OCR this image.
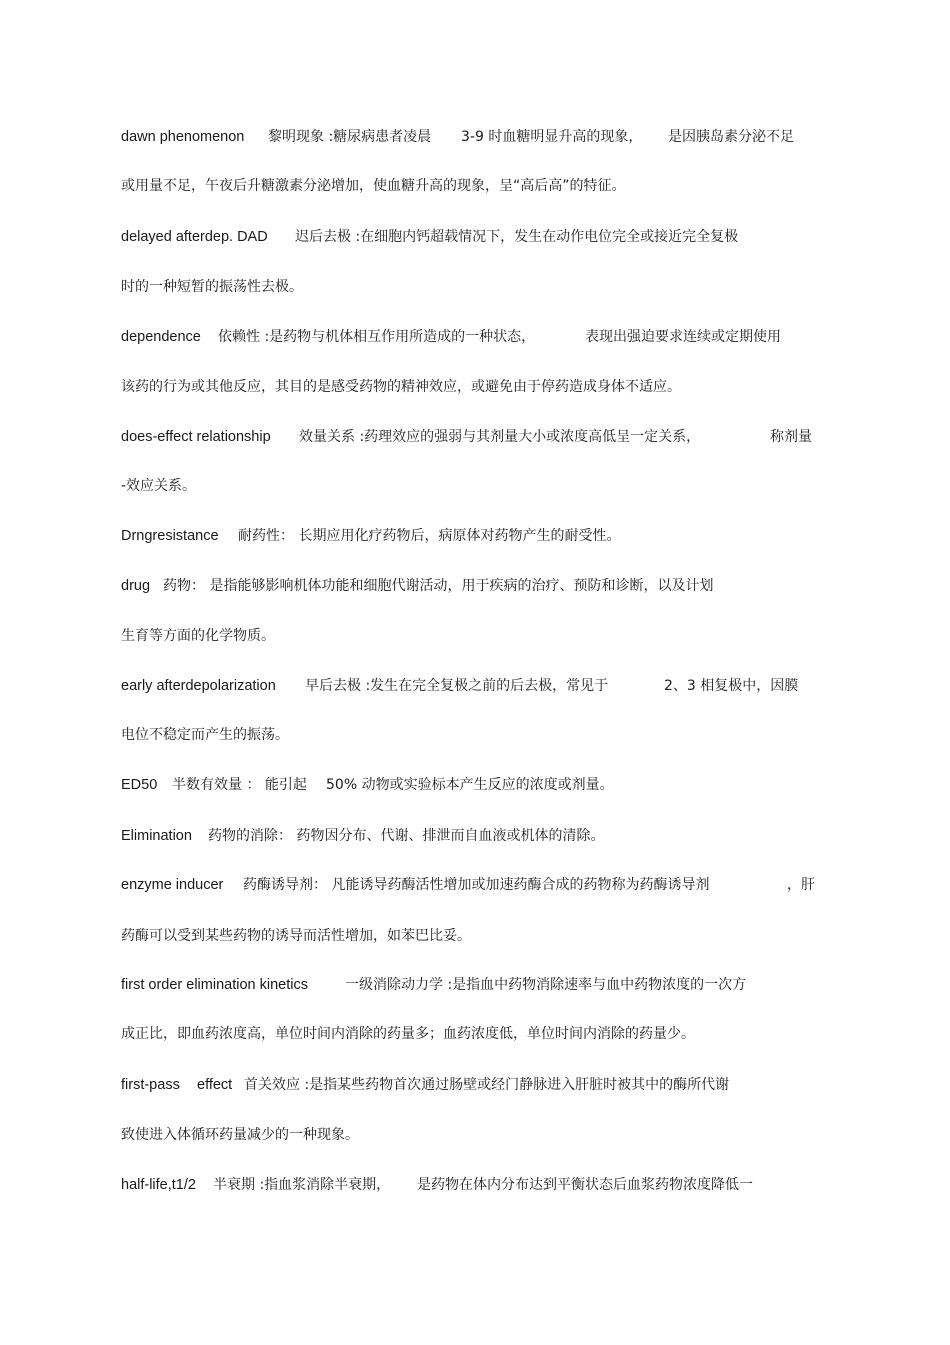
dawn phenomenon 黎明现象 :糖尿病患者凌晨 3-9 时血糖明显升高的现象， 是因胰岛素分泌不足
或用量不足，午夜后升糖激素分泌增加，使血糖升高的现象，呈“高后高”的特征。
delayed afterdep. DAD 迟后去极 :在细胞内钙超载情况下，发生在动作电位完全或接近完全复极
时的一种短暂的振荡性去极。
dependence 依赖性 :是药物与机体相互作用所造成的一种状态，	表现出强迫要求连续或定期使用
该药的行为或其他反应，其目的是感受药物的精神效应，或避免由于停药造成身体不适应。
does-effect relationship 效量关系 :药理效应的强弱与其剂量大小或浓度高低呈一定关系，	称剂量
-效应关系。
Drngresistance 耐药性： 长期应用化疗药物后，病原体对药物产生的耐受性。
drug 药物： 是指能够影响机体功能和细胞代谢活动，用于疾病的治疗、预防和诊断，以及计划
生育等方面的化学物质。
early afterdepolarization 早后去极 :发生在完全复极之前的后去极，常见于	2、3 相复极中，因膜
电位不稳定而产生的振荡。
ED50 半数有效量 ： 能引起 50% 动物或实验标本产生反应的浓度或剂量。
Elimination 药物的消除： 药物因分布、代谢、排泄而自血液或机体的清除。
enzyme inducer 药酶诱导剂： 凡能诱导药酶活性增加或加速药酶合成的药物称为药酶诱导剂	，肝
药酶可以受到某些药物的诱导而活性增加，如苯巴比妥。
first order elimination kinetics	一级消除动力学 :是指血中药物消除速率与血中药物浓度的一次方
成正比，即血药浓度高，单位时间内消除的药量多；血药浓度低，单位时间内消除的药量少。
first-pass effect 首关效应 :是指某些药物首次通过肠壁或经门静脉进入肝脏时被其中的酶所代谢
致使进入体循环药量减少的一种现象。
half-life,t1/2 半衰期 :指血浆消除半衰期， 是药物在体内分布达到平衡状态后血浆药物浓度降低一
